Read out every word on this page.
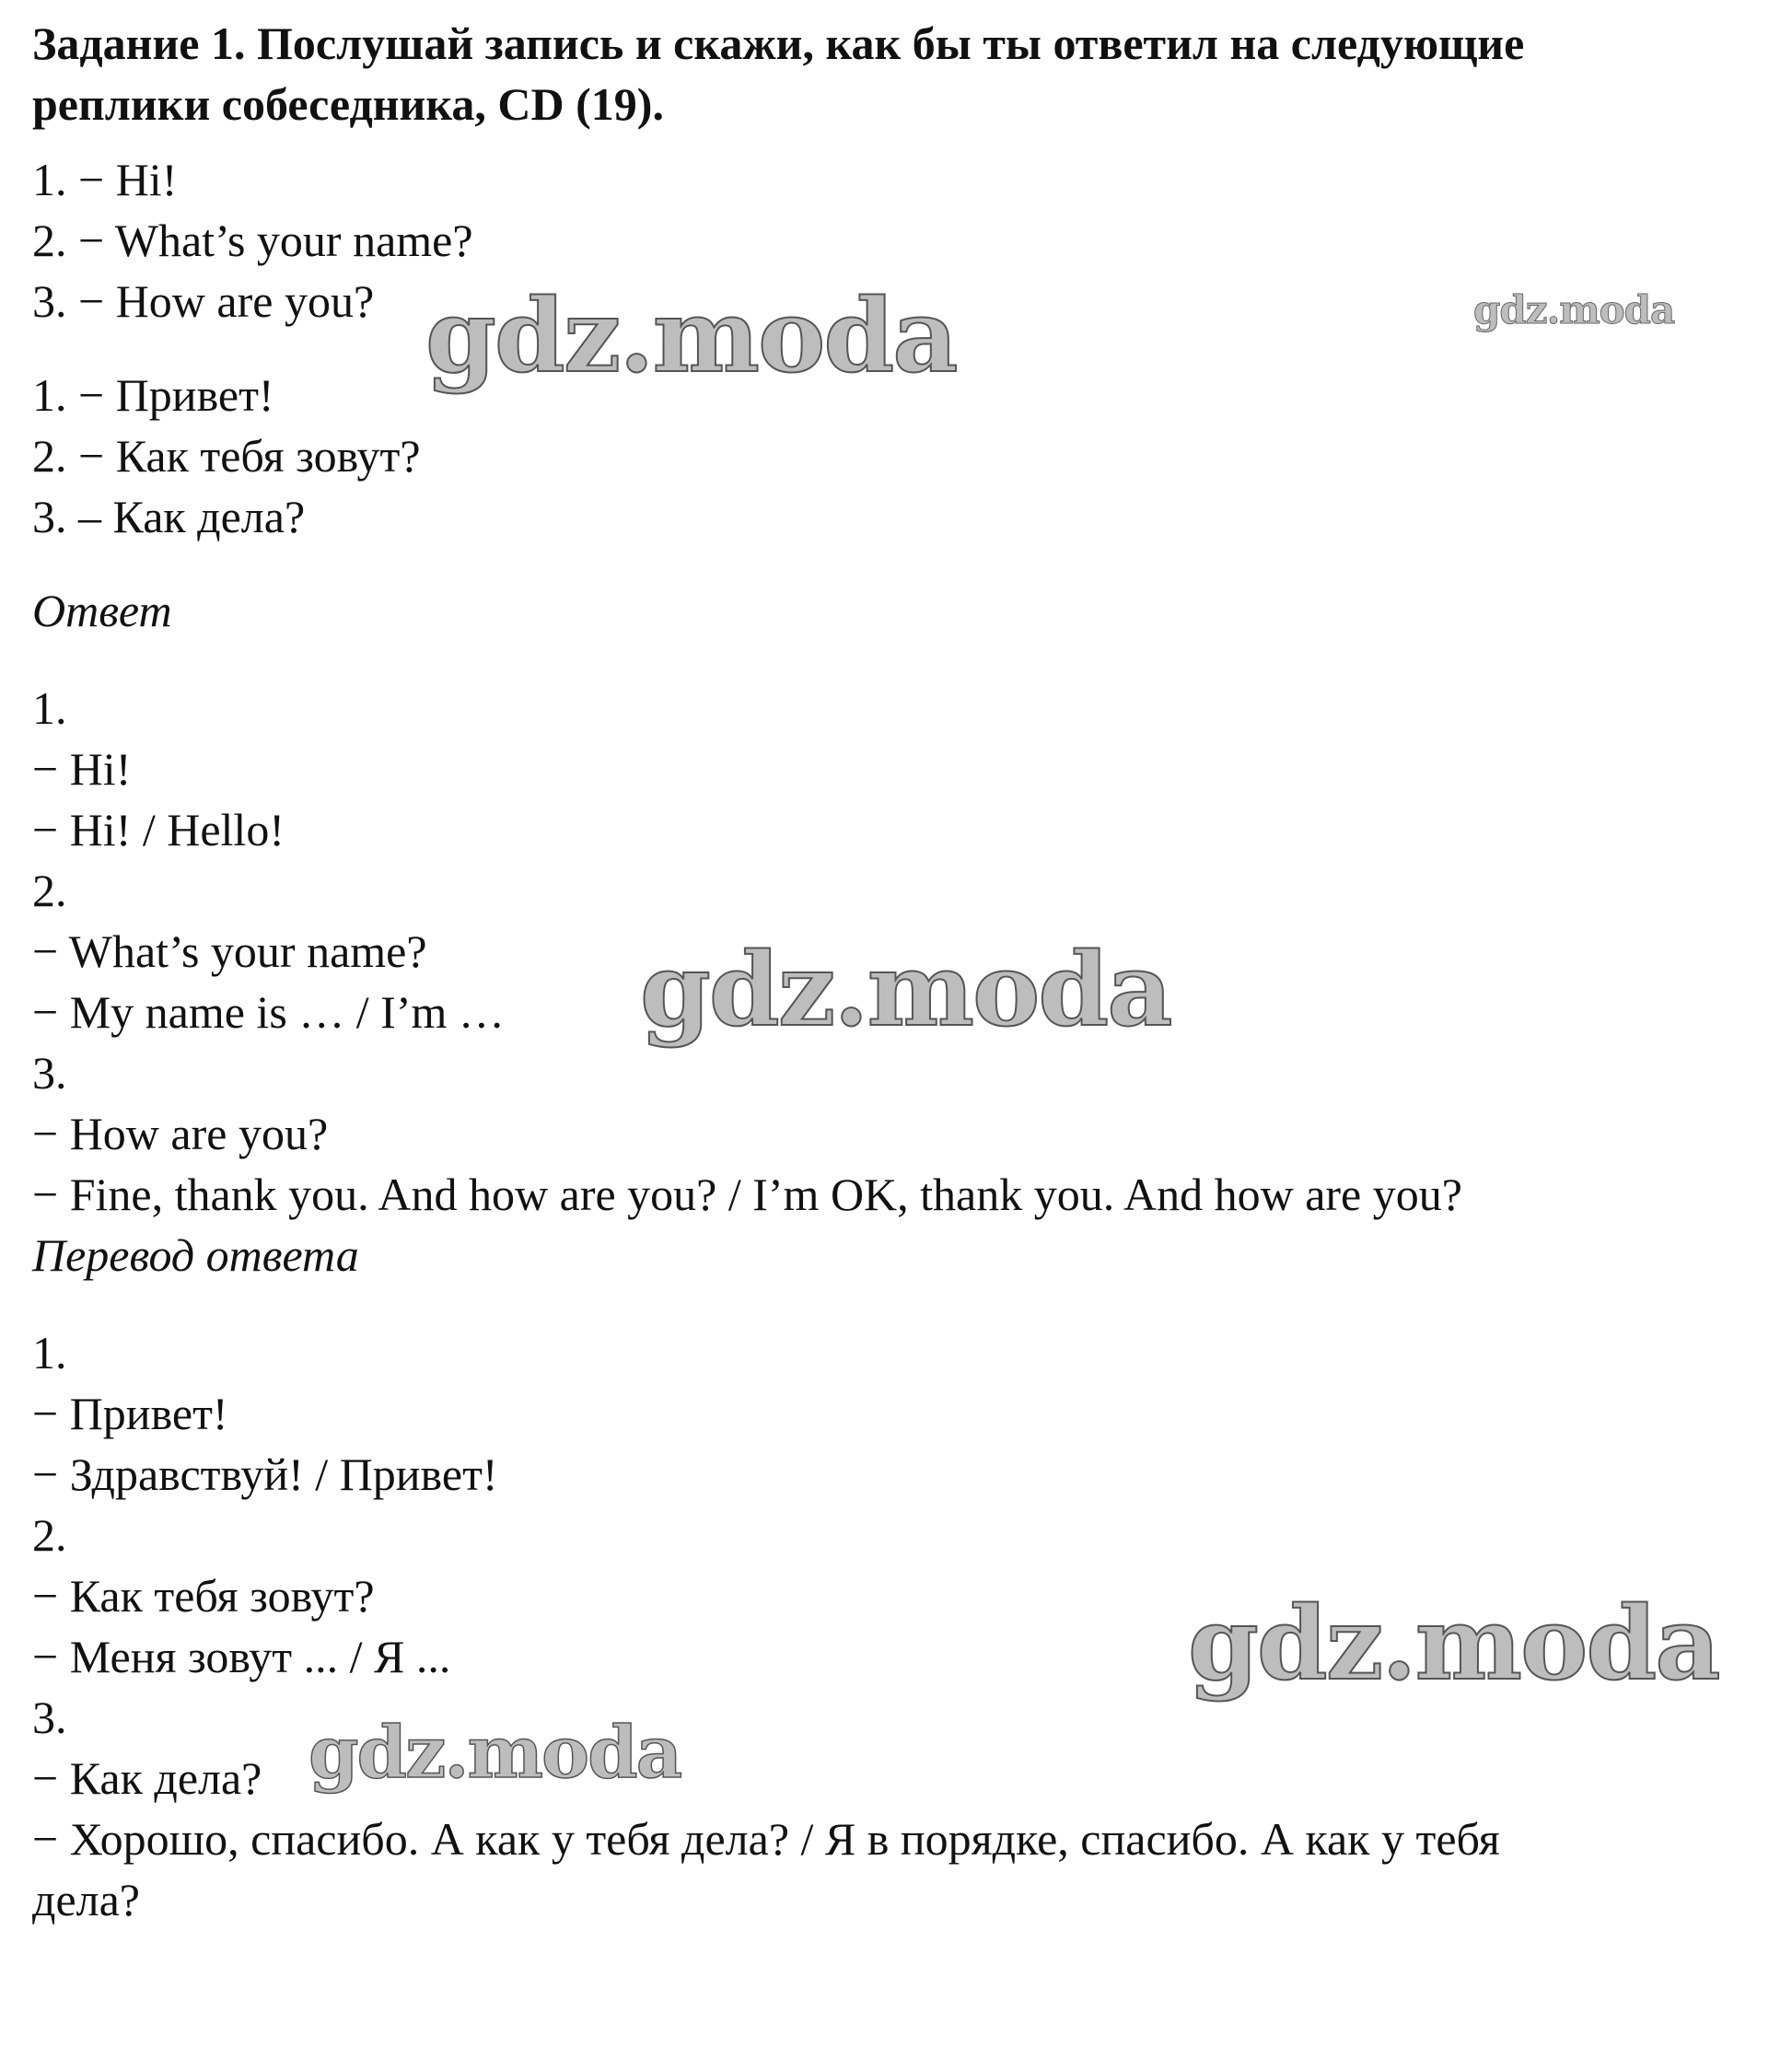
Задание 1. Послушай запись и скажи, как бы ты ответил на следующие
реплики собеседника, CD (19).
1. − Hi!
2. − What’s your name?
3. − How are you?
1. − Привет!
2. − Как тебя зовут?
3. – Как дела?
Ответ
1.
− Hi!
− Hi! / Hello!
2.
− What’s your name?
− My name is … / I’m …
3.
− How are you?
− Fine, thank you. And how are you? / I’m OK, thank you. And how are you?
Перевод ответа
1.
− Привет!
− Здравствуй! / Привет!
2.
− Как тебя зовут?
− Меня зовут ... / Я ...
3.
− Как дела?
− Хорошо, спасибо. А как у тебя дела? / Я в порядке, спасибо. А как у тебя
дела?
gdz.moda	gdz.moda
gdz.moda
gdz.moda
gdz.moda
